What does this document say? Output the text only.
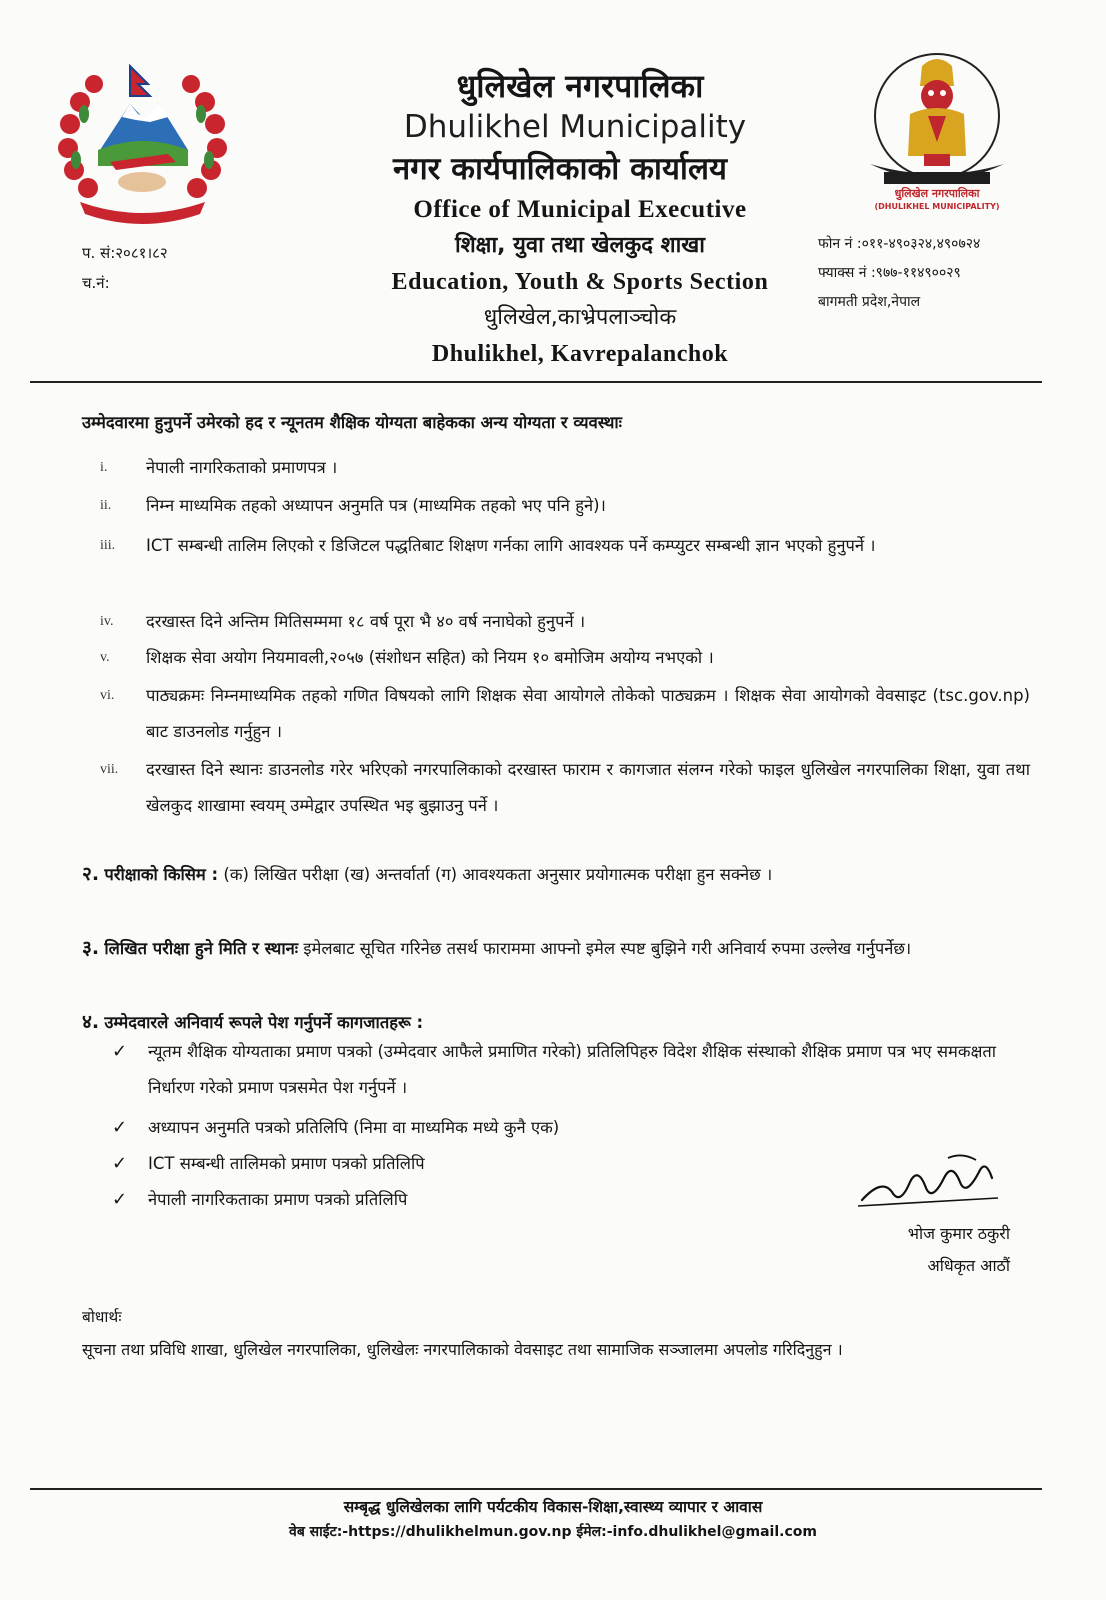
धुलिखेल नगरपालिका
Dhulikhel Municipality
नगर कार्यपालिकाको कार्यालय
Office of Municipal Executive
शिक्षा, युवा तथा खेलकुद शाखा
Education, Youth & Sports Section
धुलिखेल,काभ्रेपलाञ्चोक
Dhulikhel, Kavrepalanchok
धुलिखेल नगरपालिका
(DHULIKHEL MUNICIPALITY)
प. सं:२०८१।८२
च.नं:
फोन नं :०११-४९०३२४,४९०७२४
फ्याक्स नं :९७७-११४९००२९
बागमती प्रदेश,नेपाल
उम्मेदवारमा हुनुपर्ने उमेरको हद र न्यूनतम शैक्षिक योग्यता बाहेकका अन्य योग्यता र व्यवस्थाः
i.	नेपाली नागरिकताको प्रमाणपत्र ।
ii.	निम्न माध्यमिक तहको अध्यापन अनुमति पत्र (माध्यमिक तहको भए पनि हुने)।
iii.	ICT सम्बन्धी तालिम लिएको र डिजिटल पद्धतिबाट शिक्षण गर्नका लागि आवश्यक पर्ने कम्प्युटर सम्बन्धी ज्ञान भएको हुनुपर्ने ।
iv.	दरखास्त दिने अन्तिम मितिसम्ममा १८ वर्ष पूरा भै ४० वर्ष ननाघेको हुनुपर्ने ।
v.	शिक्षक सेवा अयोग नियमावली,२०५७ (संशोधन सहित) को नियम १० बमोजिम अयोग्य नभएको ।
vi.	पाठ्यक्रमः निम्नमाध्यमिक तहको गणित विषयको लागि शिक्षक सेवा आयोगले तोकेको पाठ्यक्रम । शिक्षक सेवा आयोगको वेवसाइट (tsc.gov.np) बाट डाउनलोड गर्नुहुन ।
vii.	दरखास्त दिने स्थानः डाउनलोड गरेर भरिएको नगरपालिकाको दरखास्त फाराम र कागजात संलग्न गरेको फाइल धुलिखेल नगरपालिका शिक्षा, युवा तथा खेलकुद शाखामा स्वयम् उम्मेद्वार उपस्थित भइ बुझाउनु पर्ने ।
२. परीक्षाको किसिम : (क) लिखित परीक्षा (ख) अन्तर्वार्ता (ग) आवश्यकता अनुसार प्रयोगात्मक परीक्षा हुन सक्नेछ ।
३. लिखित परीक्षा हुने मिति र स्थानः इमेलबाट सूचित गरिनेछ तसर्थ फाराममा आफ्नो इमेल स्पष्ट बुझिने गरी अनिवार्य रुपमा उल्लेख गर्नुपर्नेछ।
४. उम्मेदवारले अनिवार्य रूपले पेश गर्नुपर्ने कागजातहरू :
✓ न्यूतम शैक्षिक योग्यताका प्रमाण पत्रको (उम्मेदवार आफैले प्रमाणित गरेको) प्रतिलिपिहरु विदेश शैक्षिक संस्थाको शैक्षिक प्रमाण पत्र भए समकक्षता निर्धारण गरेको प्रमाण पत्रसमेत पेश गर्नुपर्ने ।
✓ अध्यापन अनुमति पत्रको प्रतिलिपि (निमा वा माध्यमिक मध्ये कुनै एक)
✓ ICT सम्बन्धी तालिमको प्रमाण पत्रको प्रतिलिपि
✓ नेपाली नागरिकताका प्रमाण पत्रको प्रतिलिपि
भोज कुमार ठकुरी
अधिकृत आठौं
बोधार्थः
सूचना तथा प्रविधि शाखा, धुलिखेल नगरपालिका, धुलिखेलः नगरपालिकाको वेवसाइट तथा सामाजिक सञ्जालमा अपलोड गरिदिनुहुन ।
सम्बृद्ध धुलिखेलका लागि पर्यटकीय विकास-शिक्षा,स्वास्थ्य व्यापार र आवास
वेब साईट:-https://dhulikhelmun.gov.np ईमेल:-info.dhulikhel@gmail.com
